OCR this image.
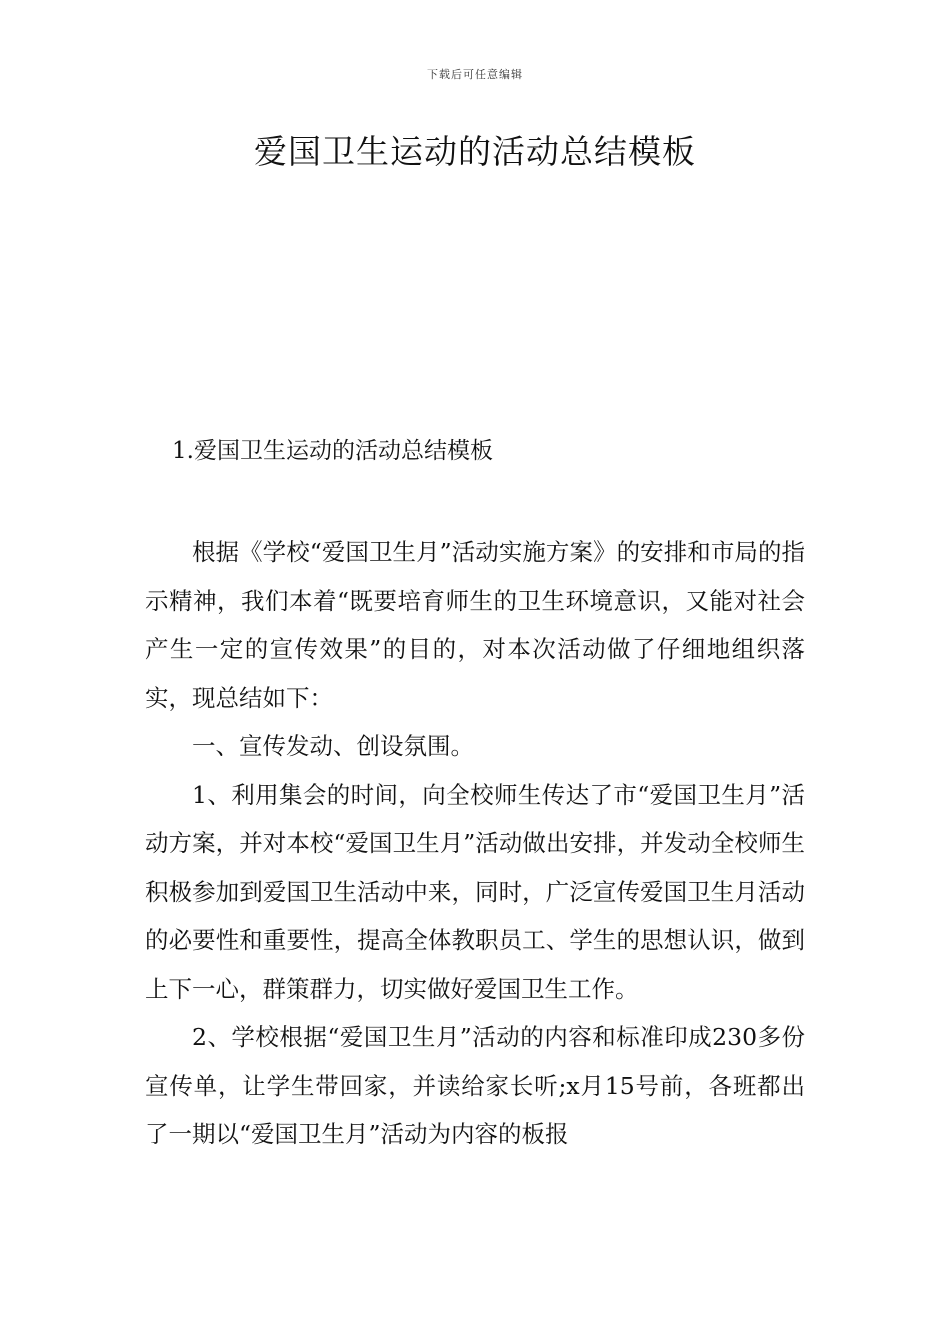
下载后可任意编辑
爱国卫生运动的活动总结模板
1.爱国卫生运动的活动总结模板

根据《学校“爱国卫生月”活动实施方案》的安排和市局的指示精神，我们本着“既要培育师生的卫生环境意识，又能对社会产生一定的宣传效果”的目的，对本次活动做了仔细地组织落实，现总结如下：

一、宣传发动、创设氛围。

1、利用集会的时间，向全校师生传达了市“爱国卫生月”活动方案，并对本校“爱国卫生月”活动做出安排，并发动全校师生积极参加到爱国卫生活动中来，同时，广泛宣传爱国卫生月活动的必要性和重要性，提高全体教职员工、学生的思想认识，做到上下一心，群策群力，切实做好爱国卫生工作。

2、学校根据“爱国卫生月”活动的内容和标准印成230多份宣传单，让学生带回家，并读给家长听;x月15号前，各班都出了一期以“爱国卫生月”活动为内容的板报
